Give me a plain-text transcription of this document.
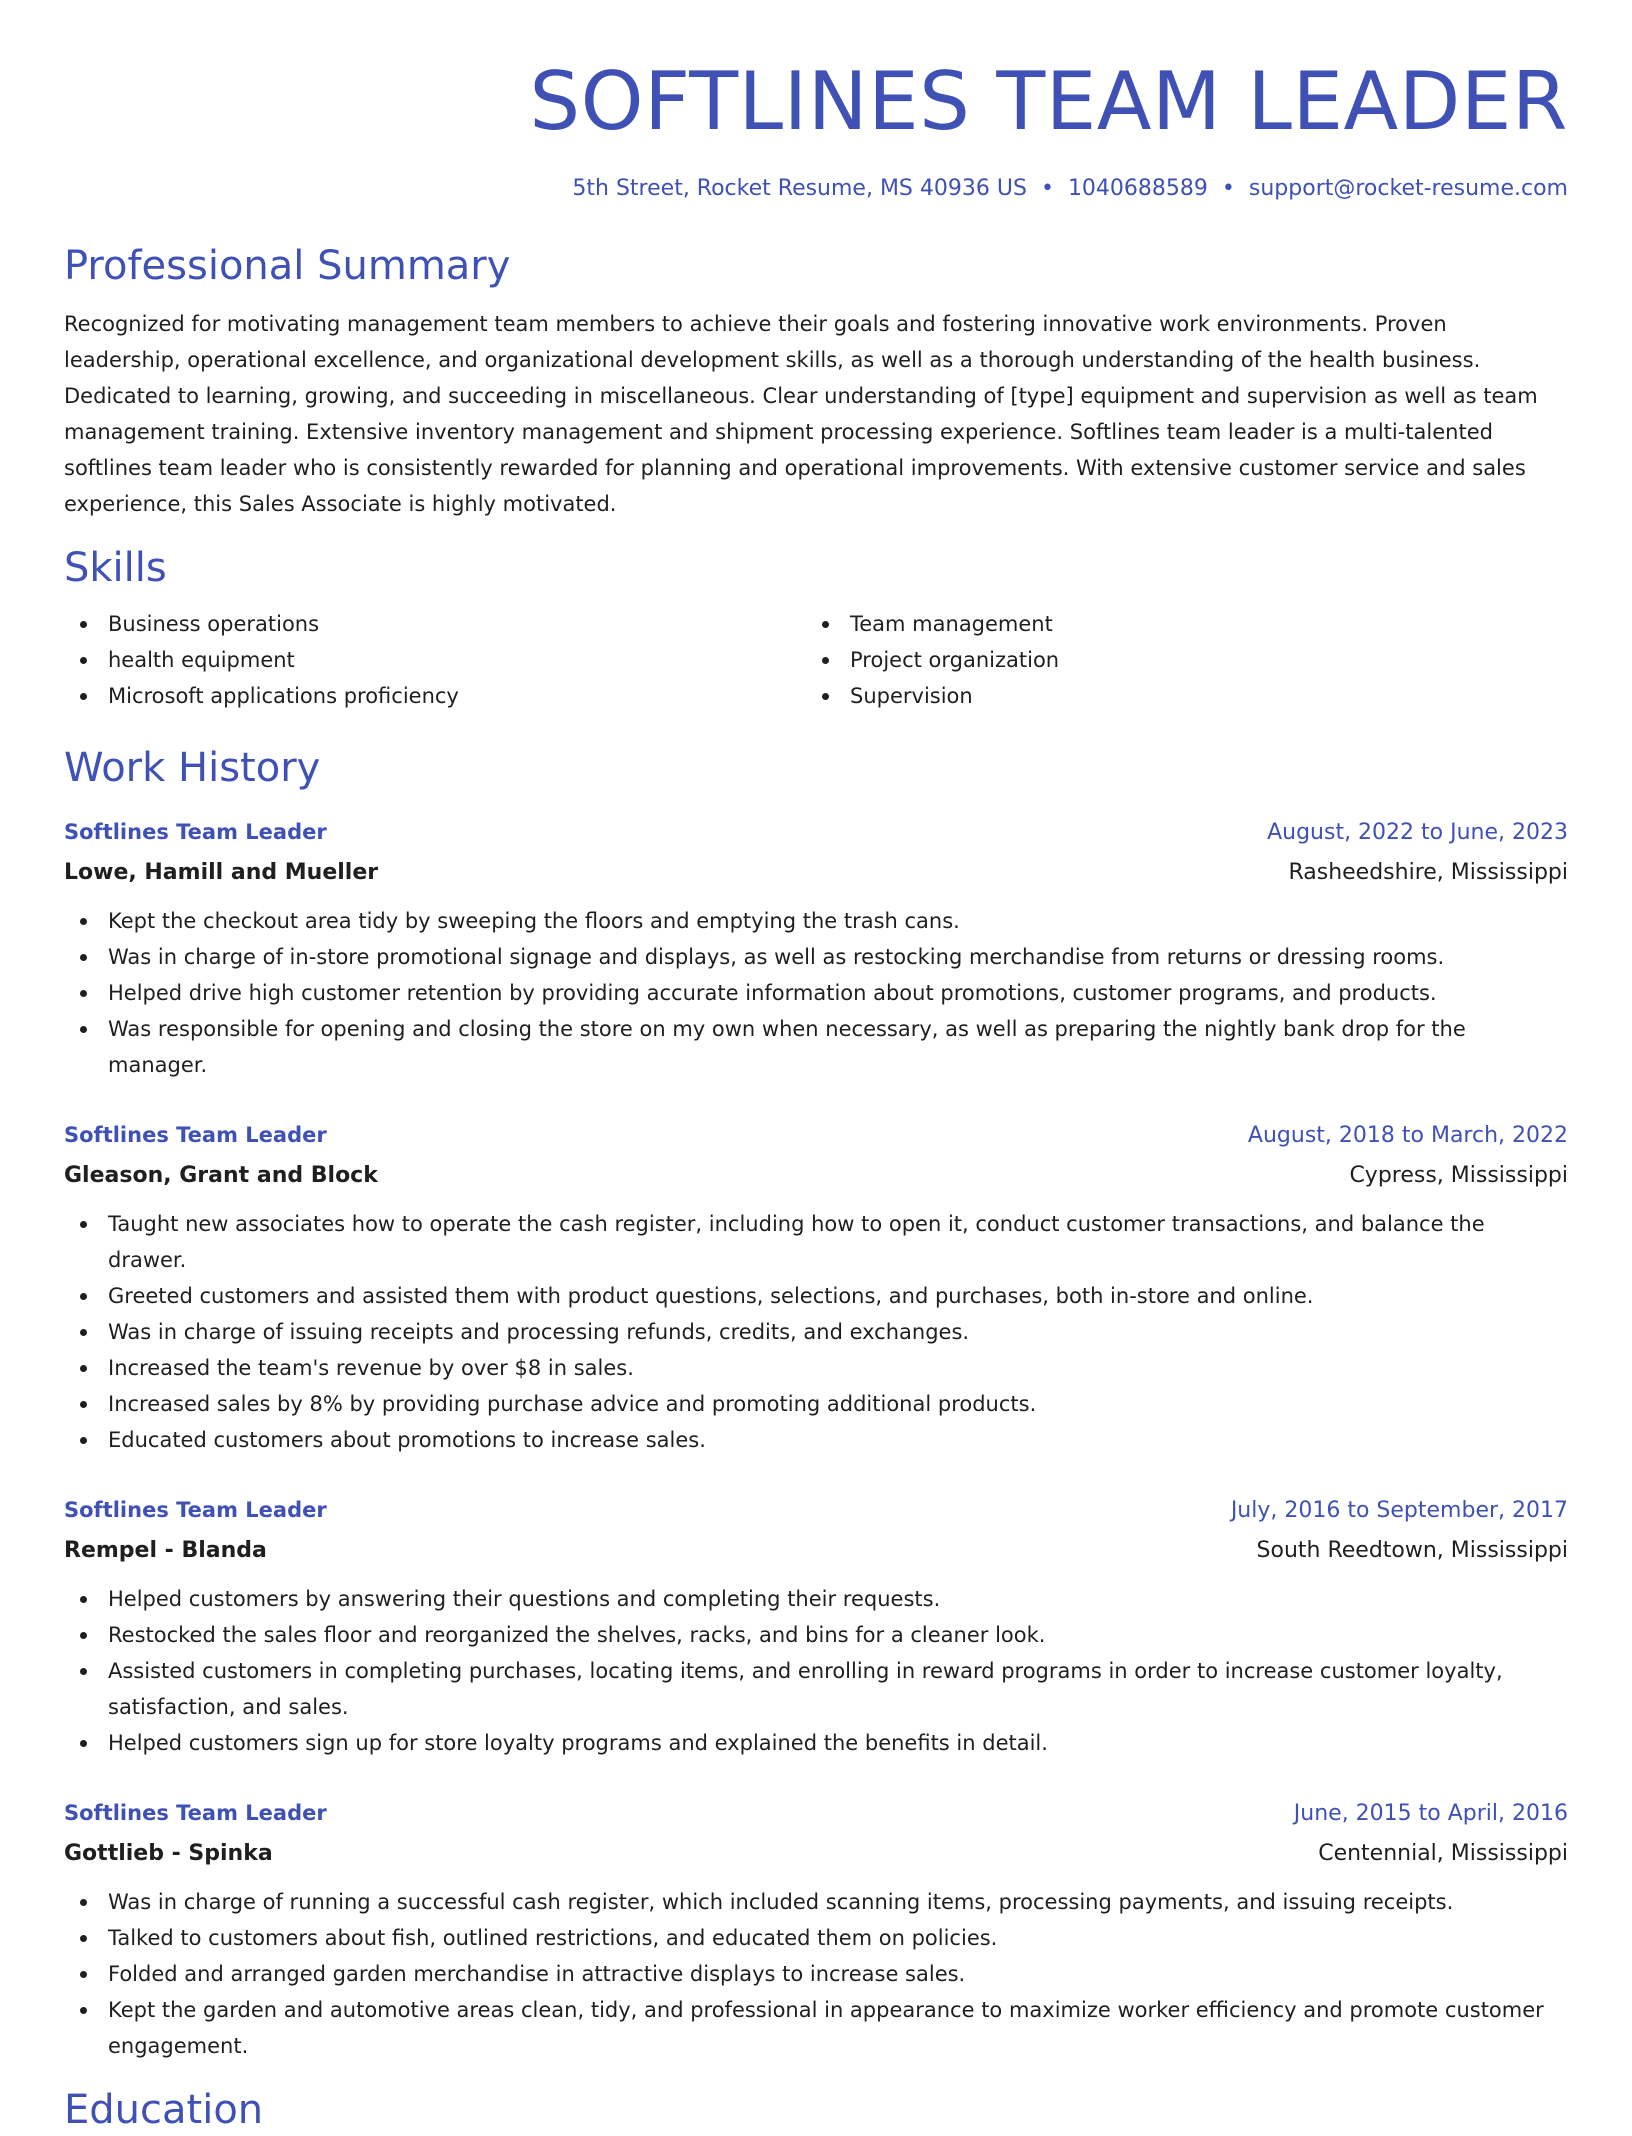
SOFTLINES TEAM LEADER
5th Street, Rocket Resume, MS 40936 US • 1040688589 • support@rocket-resume.com
Professional Summary

Recognized for motivating management team members to achieve their goals and fostering innovative work environments. Proven leadership, operational excellence, and organizational development skills, as well as a thorough understanding of the health business. Dedicated to learning, growing, and succeeding in miscellaneous. Clear understanding of [type] equipment and supervision as well as team management training. Extensive inventory management and shipment processing experience. Softlines team leader is a multi-talented softlines team leader who is consistently rewarded for planning and operational improvements. With extensive customer service and sales experience, this Sales Associate is highly motivated.

Skills
Business operations
health equipment
Microsoft applications proficiency
Team management
Project organization
Supervision
Work History
Softlines Team Leader	August, 2022 to June, 2023
Lowe, Hamill and Mueller	Rasheedshire, Mississippi
Kept the checkout area tidy by sweeping the floors and emptying the trash cans.
Was in charge of in-store promotional signage and displays, as well as restocking merchandise from returns or dressing rooms.
Helped drive high customer retention by providing accurate information about promotions, customer programs, and products.
Was responsible for opening and closing the store on my own when necessary, as well as preparing the nightly bank drop for the manager.
Softlines Team Leader	August, 2018 to March, 2022
Gleason, Grant and Block	Cypress, Mississippi
Taught new associates how to operate the cash register, including how to open it, conduct customer transactions, and balance the drawer.
Greeted customers and assisted them with product questions, selections, and purchases, both in-store and online.
Was in charge of issuing receipts and processing refunds, credits, and exchanges.
Increased the team's revenue by over $8 in sales.
Increased sales by 8% by providing purchase advice and promoting additional products.
Educated customers about promotions to increase sales.
Softlines Team Leader	July, 2016 to September, 2017
Rempel - Blanda	South Reedtown, Mississippi
Helped customers by answering their questions and completing their requests.
Restocked the sales floor and reorganized the shelves, racks, and bins for a cleaner look.
Assisted customers in completing purchases, locating items, and enrolling in reward programs in order to increase customer loyalty, satisfaction, and sales.
Helped customers sign up for store loyalty programs and explained the benefits in detail.
Softlines Team Leader	June, 2015 to April, 2016
Gottlieb - Spinka	Centennial, Mississippi
Was in charge of running a successful cash register, which included scanning items, processing payments, and issuing receipts.
Talked to customers about fish, outlined restrictions, and educated them on policies.
Folded and arranged garden merchandise in attractive displays to increase sales.
Kept the garden and automotive areas clean, tidy, and professional in appearance to maximize worker efficiency and promote customer engagement.
Education
